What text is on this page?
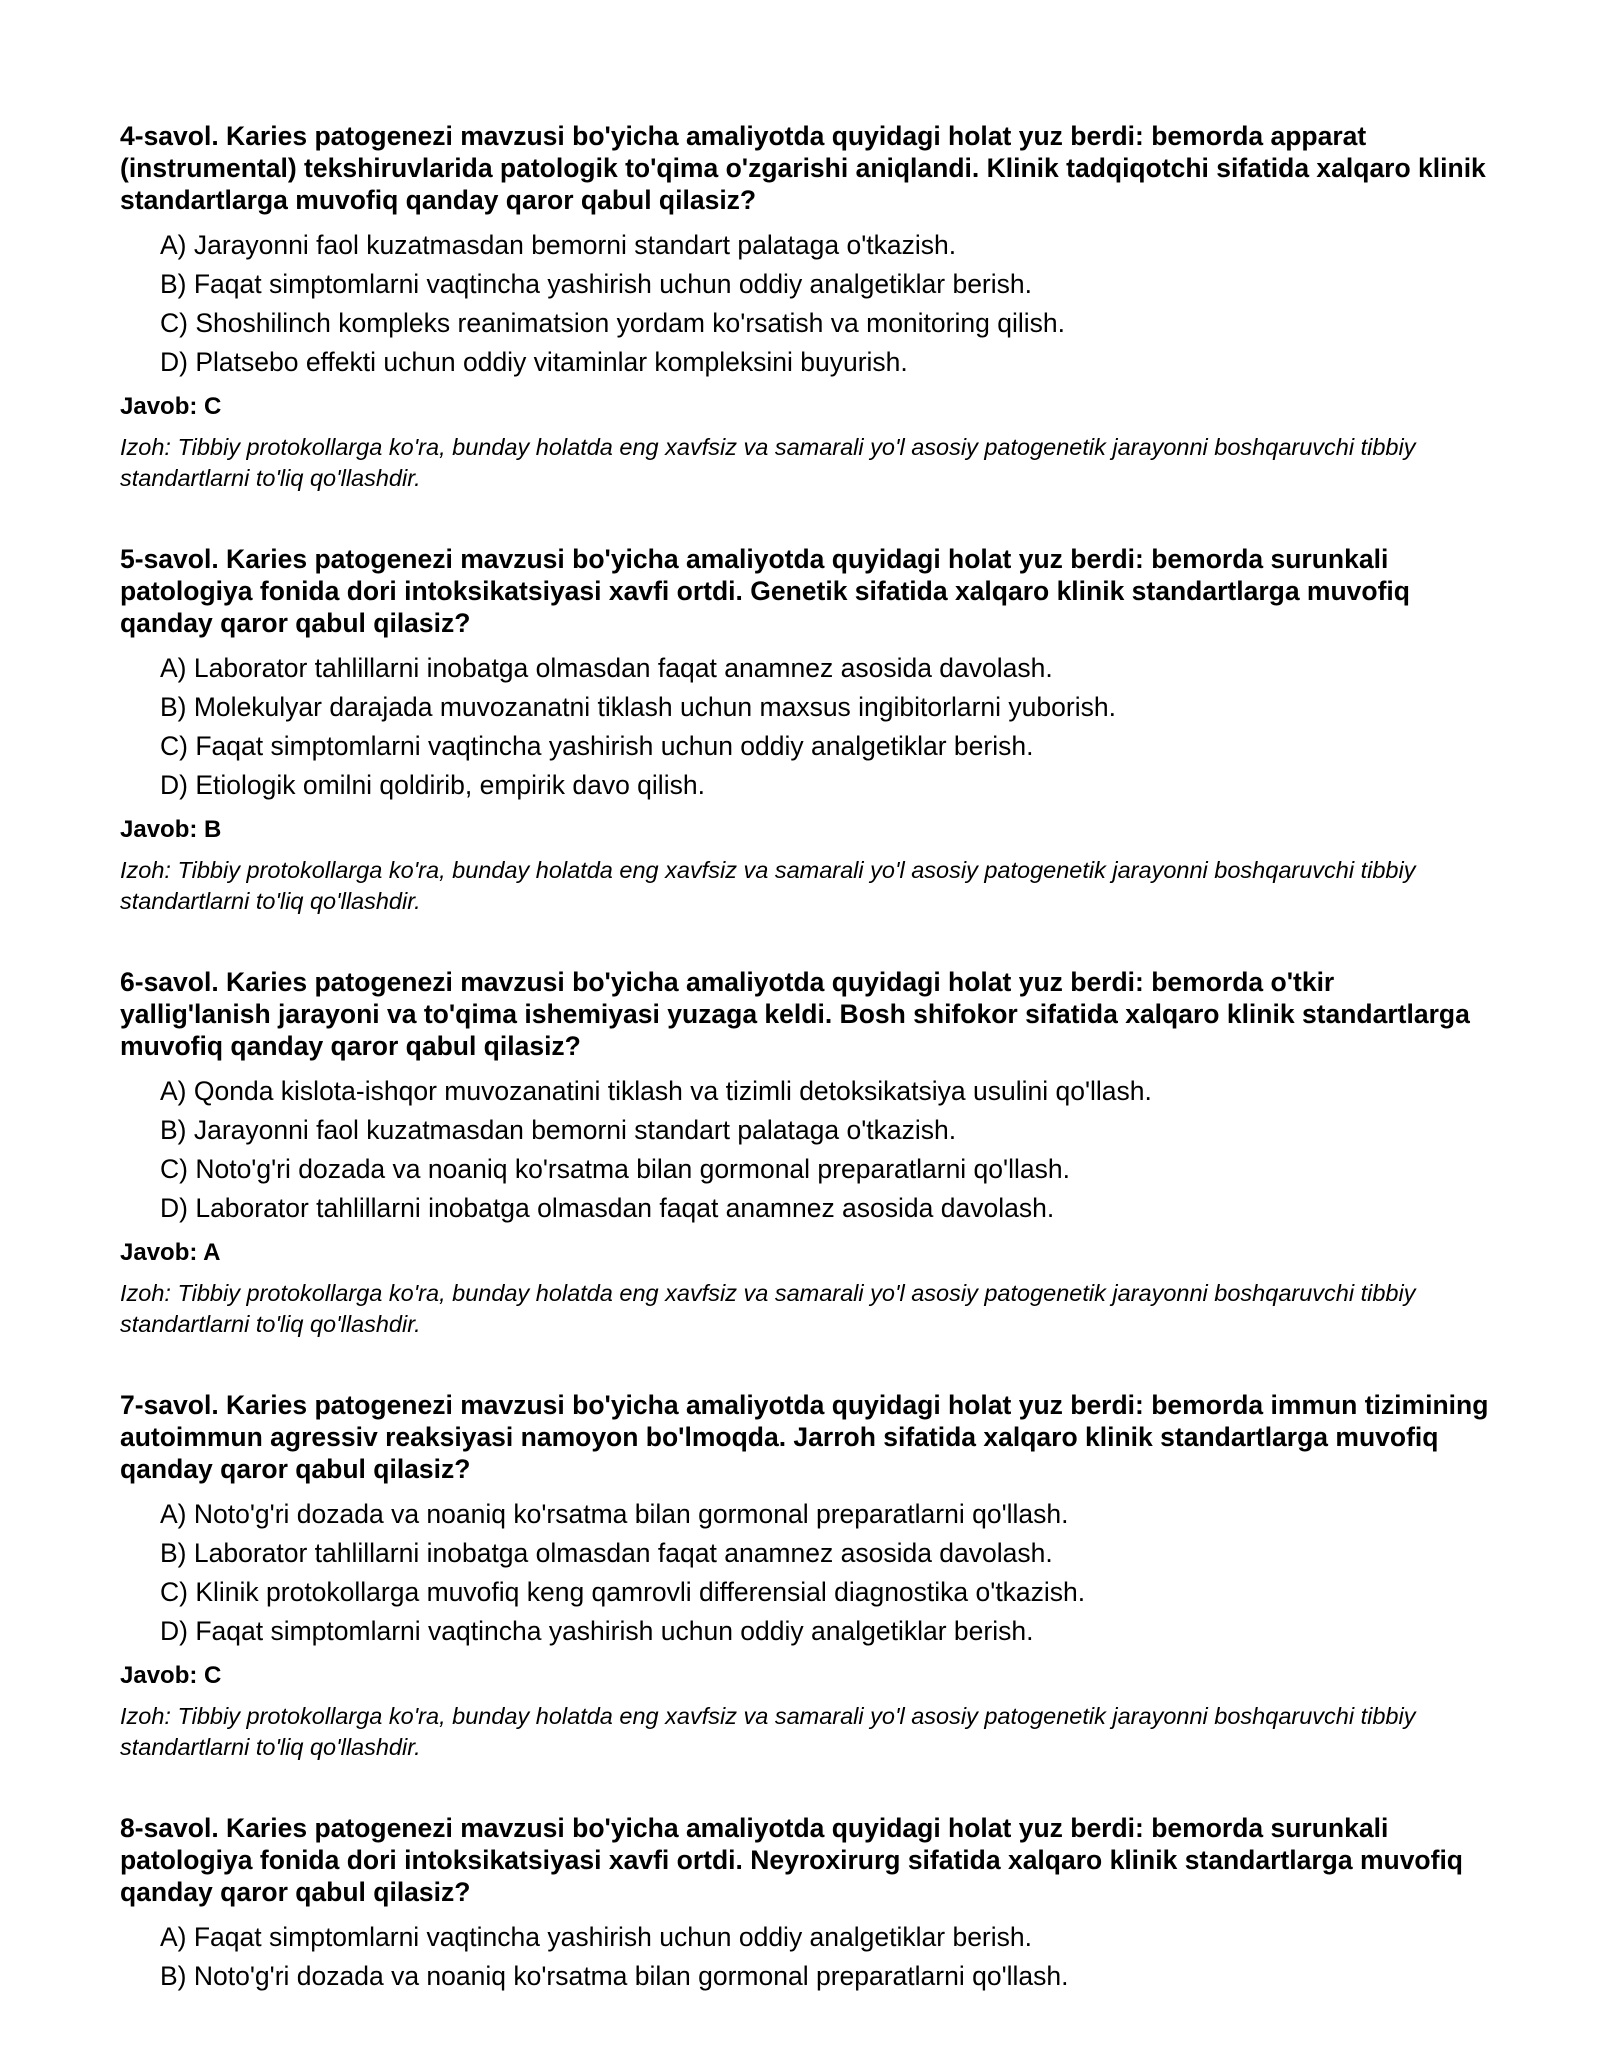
4-savol. Karies patogenezi mavzusi bo'yicha amaliyotda quyidagi holat yuz berdi: bemorda apparat (instrumental) tekshiruvlarida patologik to'qima o'zgarishi aniqlandi. Klinik tadqiqotchi sifatida xalqaro klinik standartlarga muvofiq qanday qaror qabul qilasiz?

A) Jarayonni faol kuzatmasdan bemorni standart palataga o'tkazish.
B) Faqat simptomlarni vaqtincha yashirish uchun oddiy analgetiklar berish.
C) Shoshilinch kompleks reanimatsion yordam ko'rsatish va monitoring qilish.
D) Platsebo effekti uchun oddiy vitaminlar kompleksini buyurish.

Javob: C

Izoh: Tibbiy protokollarga ko'ra, bunday holatda eng xavfsiz va samarali yo'l asosiy patogenetik jarayonni boshqaruvchi tibbiy standartlarni to'liq qo'llashdir.

5-savol. Karies patogenezi mavzusi bo'yicha amaliyotda quyidagi holat yuz berdi: bemorda surunkali patologiya fonida dori intoksikatsiyasi xavfi ortdi. Genetik sifatida xalqaro klinik standartlarga muvofiq qanday qaror qabul qilasiz?

A) Laborator tahlillarni inobatga olmasdan faqat anamnez asosida davolash.
B) Molekulyar darajada muvozanatni tiklash uchun maxsus ingibitorlarni yuborish.
C) Faqat simptomlarni vaqtincha yashirish uchun oddiy analgetiklar berish.
D) Etiologik omilni qoldirib, empirik davo qilish.

Javob: B

Izoh: Tibbiy protokollarga ko'ra, bunday holatda eng xavfsiz va samarali yo'l asosiy patogenetik jarayonni boshqaruvchi tibbiy standartlarni to'liq qo'llashdir.

6-savol. Karies patogenezi mavzusi bo'yicha amaliyotda quyidagi holat yuz berdi: bemorda o'tkir yallig'lanish jarayoni va to'qima ishemiyasi yuzaga keldi. Bosh shifokor sifatida xalqaro klinik standartlarga muvofiq qanday qaror qabul qilasiz?

A) Qonda kislota-ishqor muvozanatini tiklash va tizimli detoksikatsiya usulini qo'llash.
B) Jarayonni faol kuzatmasdan bemorni standart palataga o'tkazish.
C) Noto'g'ri dozada va noaniq ko'rsatma bilan gormonal preparatlarni qo'llash.
D) Laborator tahlillarni inobatga olmasdan faqat anamnez asosida davolash.

Javob: A

Izoh: Tibbiy protokollarga ko'ra, bunday holatda eng xavfsiz va samarali yo'l asosiy patogenetik jarayonni boshqaruvchi tibbiy standartlarni to'liq qo'llashdir.

7-savol. Karies patogenezi mavzusi bo'yicha amaliyotda quyidagi holat yuz berdi: bemorda immun tizimining autoimmun agressiv reaksiyasi namoyon bo'lmoqda. Jarroh sifatida xalqaro klinik standartlarga muvofiq qanday qaror qabul qilasiz?

A) Noto'g'ri dozada va noaniq ko'rsatma bilan gormonal preparatlarni qo'llash.
B) Laborator tahlillarni inobatga olmasdan faqat anamnez asosida davolash.
C) Klinik protokollarga muvofiq keng qamrovli differensial diagnostika o'tkazish.
D) Faqat simptomlarni vaqtincha yashirish uchun oddiy analgetiklar berish.

Javob: C

Izoh: Tibbiy protokollarga ko'ra, bunday holatda eng xavfsiz va samarali yo'l asosiy patogenetik jarayonni boshqaruvchi tibbiy standartlarni to'liq qo'llashdir.

8-savol. Karies patogenezi mavzusi bo'yicha amaliyotda quyidagi holat yuz berdi: bemorda surunkali patologiya fonida dori intoksikatsiyasi xavfi ortdi. Neyroxirurg sifatida xalqaro klinik standartlarga muvofiq qanday qaror qabul qilasiz?

A) Faqat simptomlarni vaqtincha yashirish uchun oddiy analgetiklar berish.
B) Noto'g'ri dozada va noaniq ko'rsatma bilan gormonal preparatlarni qo'llash.
